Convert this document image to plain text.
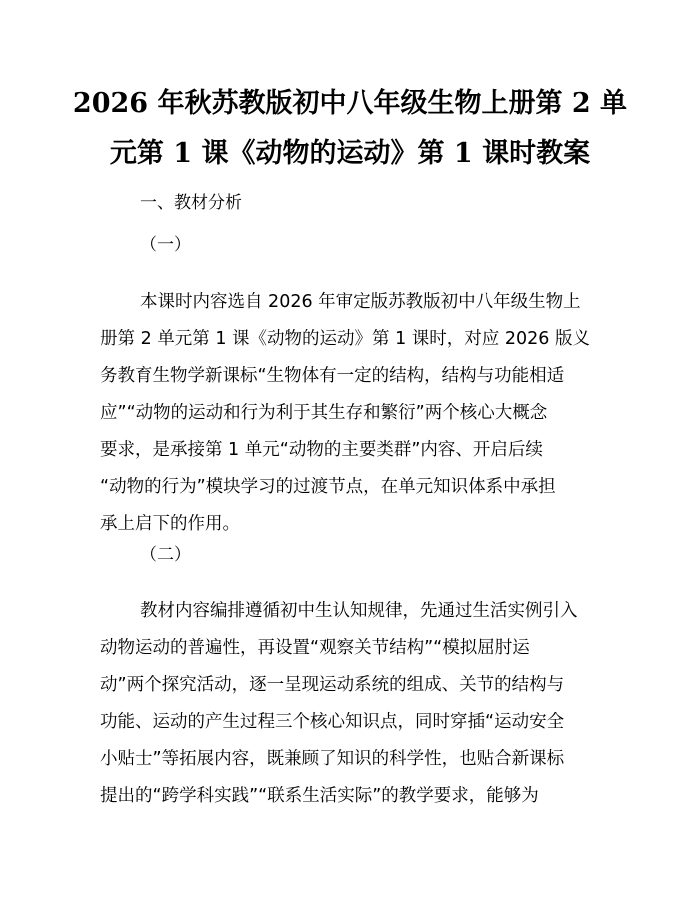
2026 年秋苏教版初中八年级生物上册第 2 单
元第 1 课《动物的运动》第 1 课时教案

一、教材分析

（一）

本课时内容选自 2026 年审定版苏教版初中八年级生物上
册第 2 单元第 1 课《动物的运动》第 1 课时，对应 2026 版义
务教育生物学新课标“生物体有一定的结构，结构与功能相适
应”“动物的运动和行为利于其生存和繁衍”两个核心大概念
要求，是承接第 1 单元“动物的主要类群”内容、开启后续
“动物的行为”模块学习的过渡节点，在单元知识体系中承担
承上启下的作用。

（二）

教材内容编排遵循初中生认知规律，先通过生活实例引入
动物运动的普遍性，再设置“观察关节结构”“模拟屈肘运
动”两个探究活动，逐一呈现运动系统的组成、关节的结构与
功能、运动的产生过程三个核心知识点，同时穿插“运动安全
小贴士”等拓展内容，既兼顾了知识的科学性，也贴合新课标
提出的“跨学科实践”“联系生活实际”的教学要求，能够为
